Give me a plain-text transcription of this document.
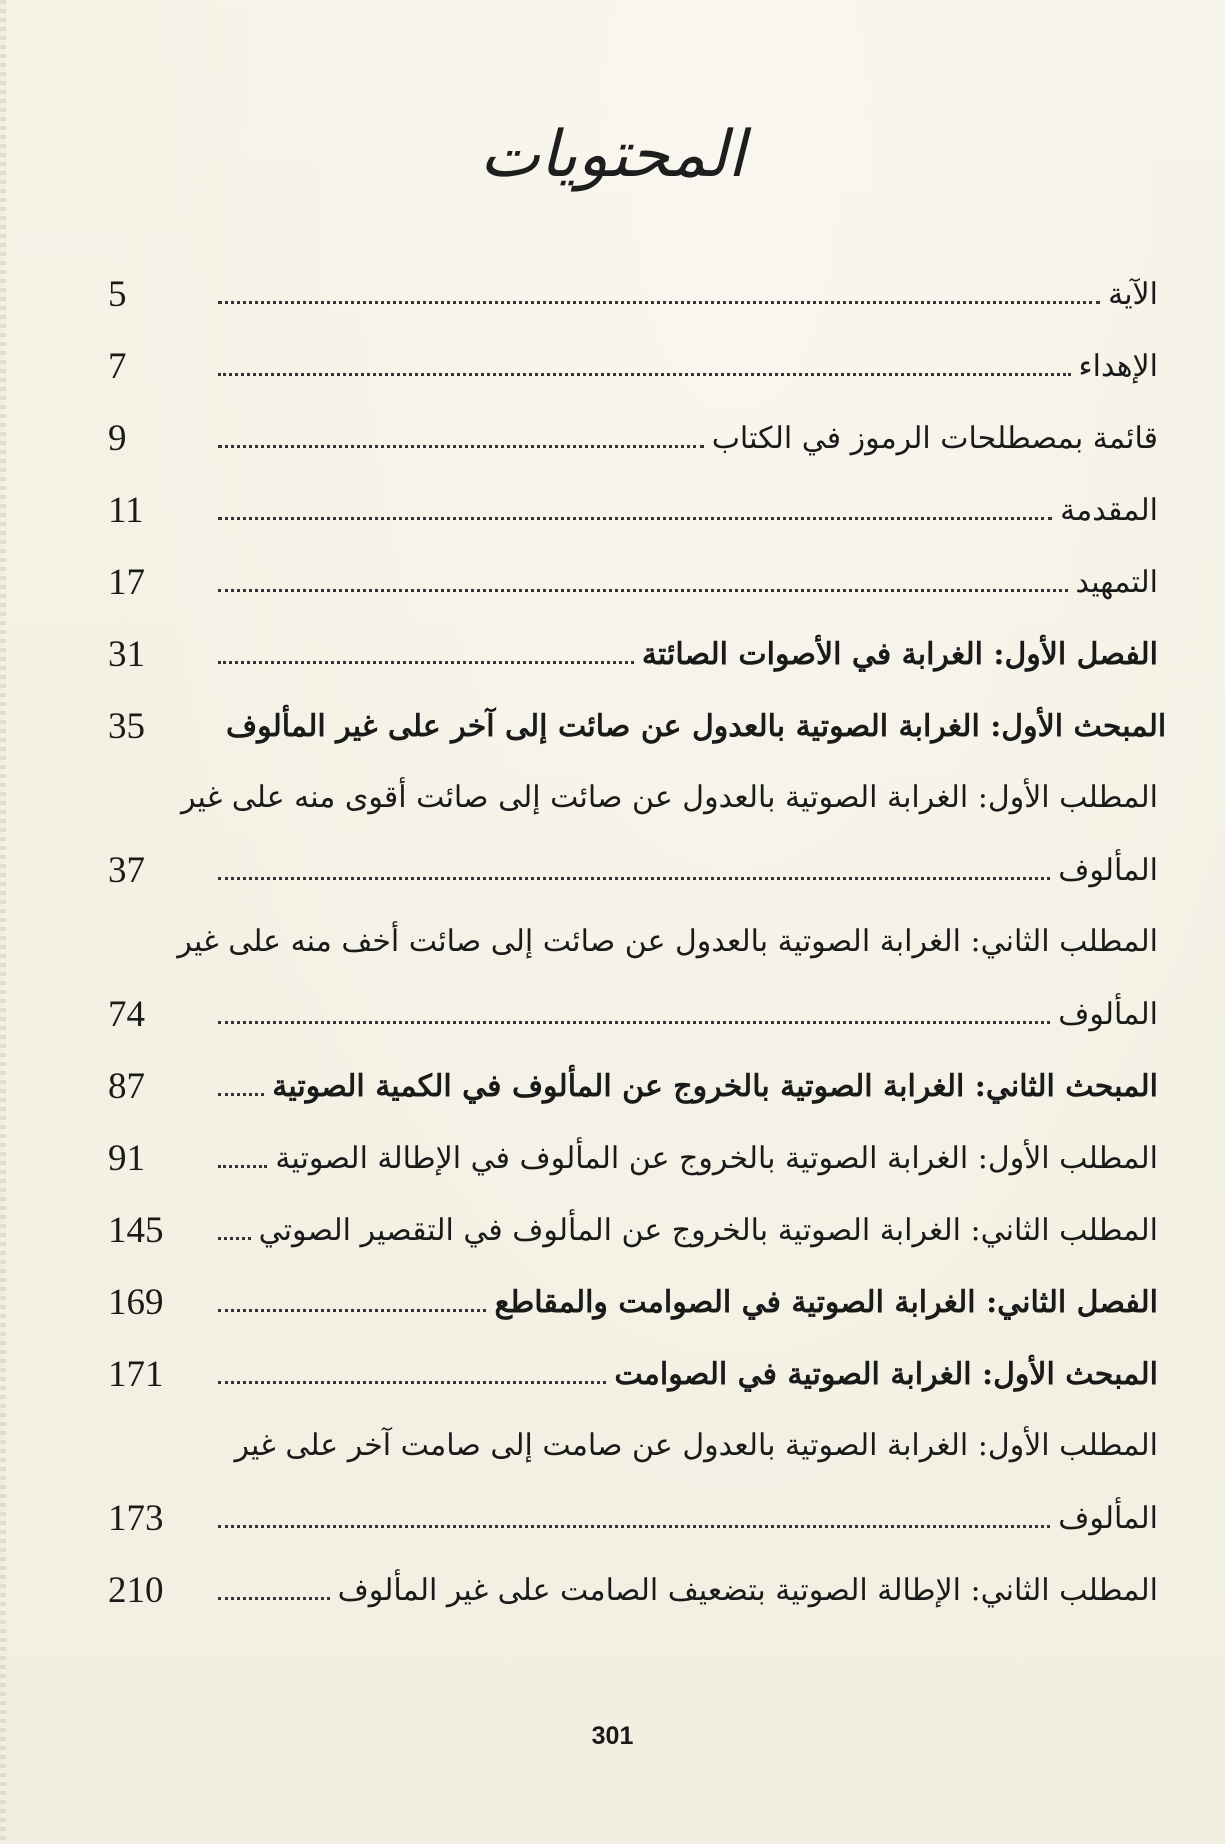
المحتويات
5	الآية
7	الإهداء
9	قائمة بمصطلحات الرموز في الكتاب
11	المقدمة
17	التمهيد
31	الفصل الأول: الغرابة في الأصوات الصائتة
35	المبحث الأول: الغرابة الصوتية بالعدول عن صائت إلى آخر على غير المألوف
المطلب الأول: الغرابة الصوتية بالعدول عن صائت إلى صائت أقوى منه على غير
37	المألوف
المطلب الثاني: الغرابة الصوتية بالعدول عن صائت إلى صائت أخف منه على غير
74	المألوف
87	المبحث الثاني: الغرابة الصوتية بالخروج عن المألوف في الكمية الصوتية
91	المطلب الأول: الغرابة الصوتية بالخروج عن المألوف في الإطالة الصوتية
145	المطلب الثاني: الغرابة الصوتية بالخروج عن المألوف في التقصير الصوتي
169	الفصل الثاني: الغرابة الصوتية في الصوامت والمقاطع
171	المبحث الأول: الغرابة الصوتية في الصوامت
المطلب الأول: الغرابة الصوتية بالعدول عن صامت إلى صامت آخر على غير
173	المألوف
210	المطلب الثاني: الإطالة الصوتية بتضعيف الصامت على غير المألوف
301
